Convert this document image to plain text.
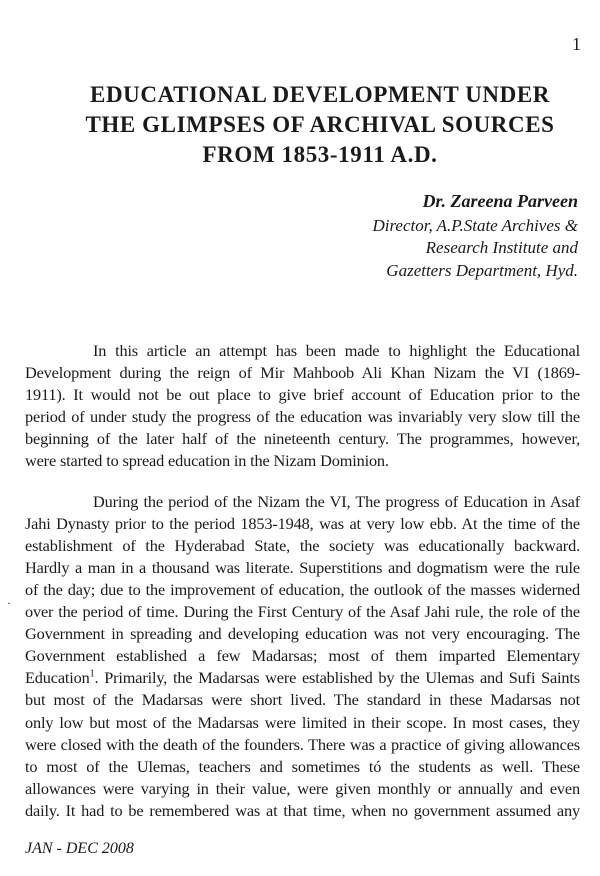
1
EDUCATIONAL DEVELOPMENT UNDER
THE GLIMPSES OF ARCHIVAL SOURCES
FROM 1853-1911 A.D.
Dr. Zareena Parveen
Director, A.P.State Archives &
Research Institute and
Gazetters Department, Hyd.
·
In this article an attempt has been made to highlight the Educational
Development during the reign of Mir Mahboob Ali Khan Nizam the VI (1869-
1911). It would not be out place to give brief account of Education prior to the
period of under study the progress of the education was invariably very slow till the
beginning of the later half of the nineteenth century. The programmes, however,
were started to spread education in the Nizam Dominion.
During the period of the Nizam the VI, The progress of Education in Asaf
Jahi Dynasty prior to the period 1853-1948, was at very low ebb. At the time of the
establishment of the Hyderabad State, the society was educationally backward.
Hardly a man in a thousand was literate. Superstitions and dogmatism were the rule
of the day; due to the improvement of education, the outlook of the masses widerned
over the period of time. During the First Century of the Asaf Jahi rule, the role of the
Government in spreading and developing education was not very encouraging. The
Government established a few Madarsas; most of them imparted Elementary
Education$^1$. Primarily, the Madarsas were established by the Ulemas and Sufi Saints
but most of the Madarsas were short lived. The standard in these Madarsas not
only low but most of the Madarsas were limited in their scope. In most cases, they
were closed with the death of the founders. There was a practice of giving allowances
to most of the Ulemas, teachers and sometimes tó the students as well. These
allowances were varying in their value, were given monthly or annually and even
daily. It had to be remembered was at that time, when no government assumed any
JAN - DEC 2008
